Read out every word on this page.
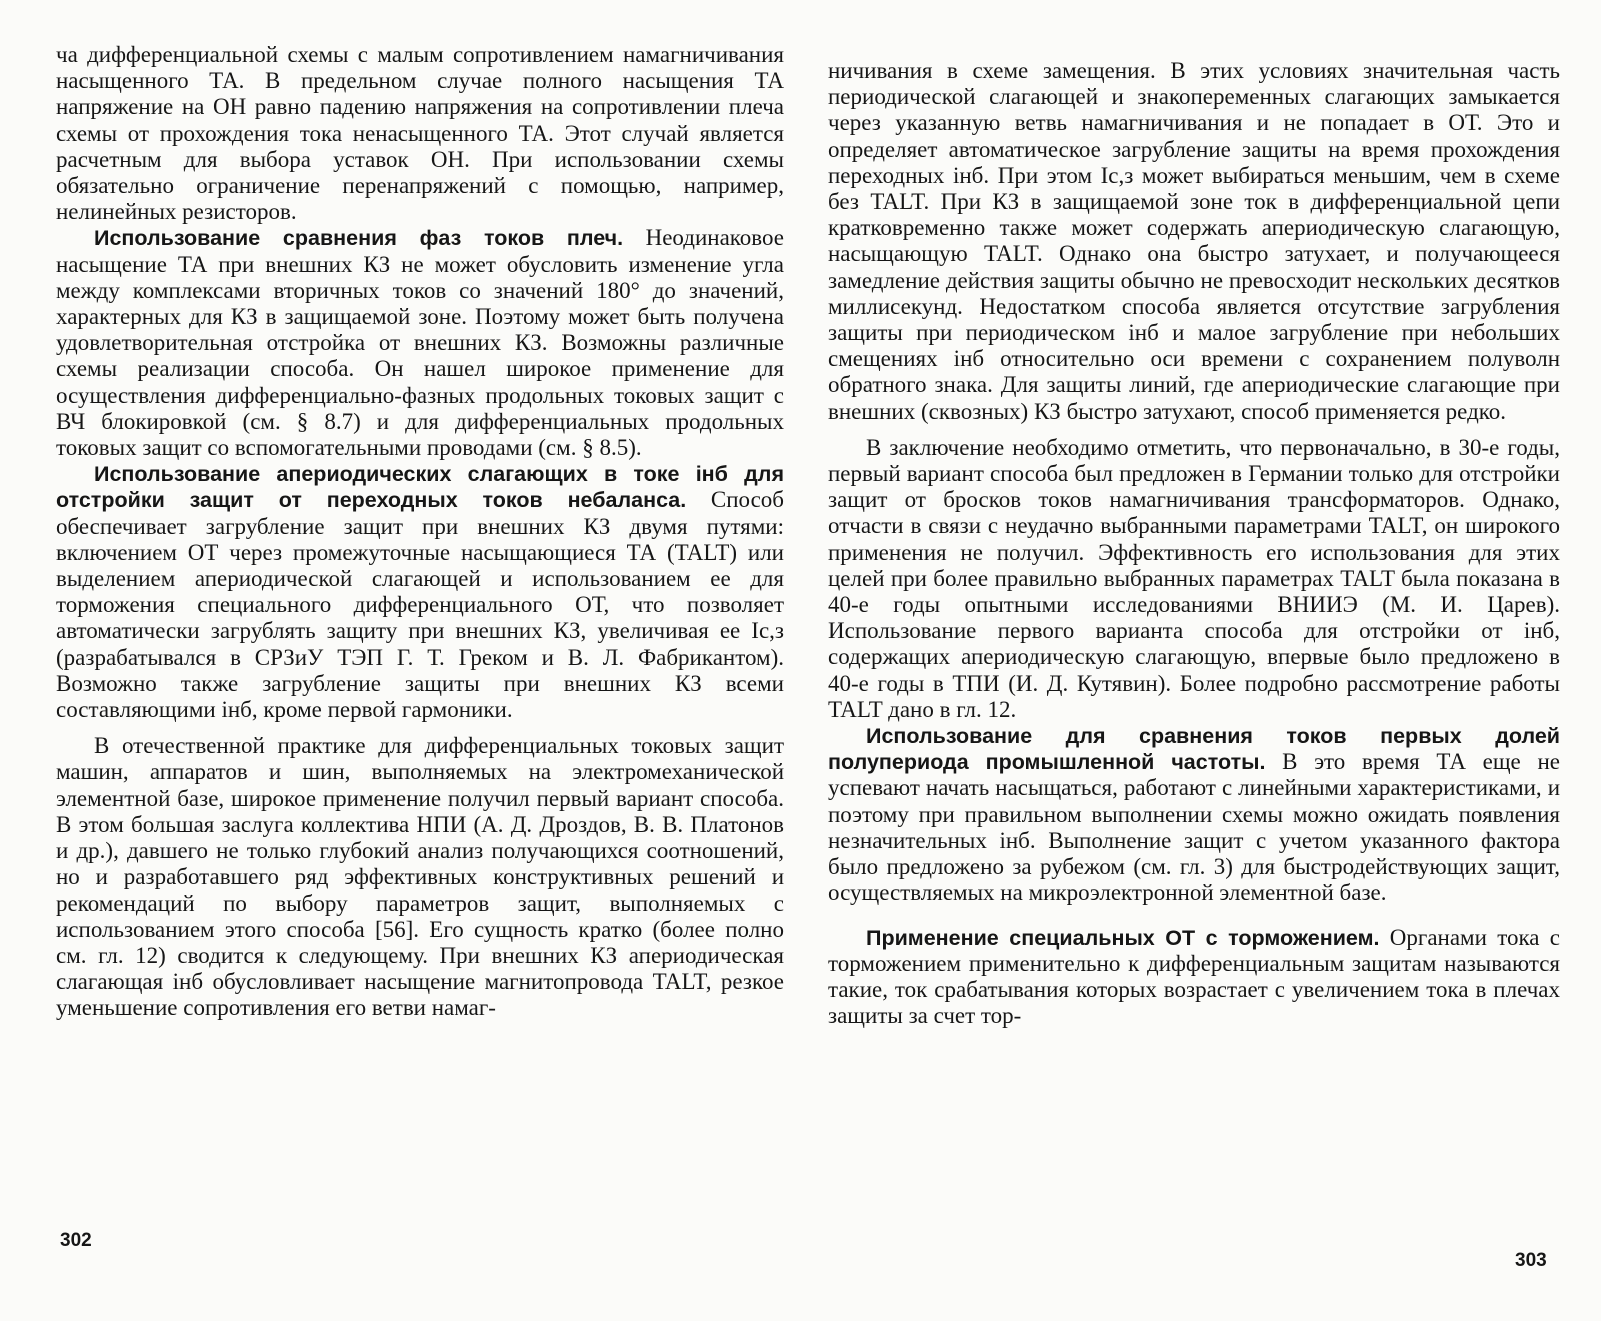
ча дифференциальной схемы с малым сопротивлением намагничивания насыщенного ТА. В предельном случае полного насыщения ТА напряжение на ОН равно падению напряжения на сопротивлении плеча схемы от прохождения тока ненасыщенного ТА. Этот случай является расчетным для выбора уставок ОН. При использовании схемы обязательно ограничение перенапряжений с помощью, например, нелинейных резисторов.

Использование сравнения фаз токов плеч. Неодинаковое насыщение ТА при внешних КЗ не может обусловить изменение угла между комплексами вторичных токов со значений 180° до значений, характерных для КЗ в защищаемой зоне. Поэтому может быть получена удовлетворительная отстройка от внешних КЗ. Возможны различные схемы реализации способа. Он нашел широкое применение для осуществления дифференциально-фазных продольных токовых защит с ВЧ блокировкой (см. § 8.7) и для дифференциальных продольных токовых защит со вспомогательными проводами (см. § 8.5).

Использование апериодических слагающих в токе iнб для отстройки защит от переходных токов небаланса. Способ обеспечивает загрубление защит при внешних КЗ двумя путями: включением ОТ через промежуточные насыщающиеся ТА (TALT) или выделением апериодической слагающей и использованием ее для торможения специального дифференциального ОТ, что позволяет автоматически загрублять защиту при внешних КЗ, увеличивая ее Ic,з (разрабатывался в СРЗиУ ТЭП Г. Т. Греком и В. Л. Фабрикантом). Возможно также загрубление защиты при внешних КЗ всеми составляющими iнб, кроме первой гармоники.

В отечественной практике для дифференциальных токовых защит машин, аппаратов и шин, выполняемых на электромеханической элементной базе, широкое применение получил первый вариант способа. В этом большая заслуга коллектива НПИ (А. Д. Дроздов, В. В. Платонов и др.), давшего не только глубокий анализ получающихся соотношений, но и разработавшего ряд эффективных конструктивных решений и рекомендаций по выбору параметров защит, выполняемых с использованием этого способа [56]. Его сущность кратко (более полно см. гл. 12) сводится к следующему. При внешних КЗ апериодическая слагающая iнб обусловливает насыщение магнитопровода TALT, резкое уменьшение сопротивления его ветви намаг-

302

ничивания в схеме замещения. В этих условиях значительная часть периодической слагающей и знакопеременных слагающих замыкается через указанную ветвь намагничивания и не попадает в ОТ. Это и определяет автоматическое загрубление защиты на время прохождения переходных iнб. При этом Ic,з может выбираться меньшим, чем в схеме без TALT. При КЗ в защищаемой зоне ток в дифференциальной цепи кратковременно также может содержать апериодическую слагающую, насыщающую TALT. Однако она быстро затухает, и получающееся замедление действия защиты обычно не превосходит нескольких десятков миллисекунд. Недостатком способа является отсутствие загрубления защиты при периодическом iнб и малое загрубление при небольших смещениях iнб относительно оси времени с сохранением полуволн обратного знака. Для защиты линий, где апериодические слагающие при внешних (сквозных) КЗ быстро затухают, способ применяется редко.

В заключение необходимо отметить, что первоначально, в 30-е годы, первый вариант способа был предложен в Германии только для отстройки защит от бросков токов намагничивания трансформаторов. Однако, отчасти в связи с неудачно выбранными параметрами TALT, он широкого применения не получил. Эффективность его использования для этих целей при более правильно выбранных параметрах TALT была показана в 40-е годы опытными исследованиями ВНИИЭ (М. И. Царев). Использование первого варианта способа для отстройки от iнб, содержащих апериодическую слагающую, впервые было предложено в 40-е годы в ТПИ (И. Д. Кутявин). Более подробно рассмотрение работы TALT дано в гл. 12.

Использование для сравнения токов первых долей полупериода промышленной частоты. В это время ТА еще не успевают начать насыщаться, работают с линейными характеристиками, и поэтому при правильном выполнении схемы можно ожидать появления незначительных iнб. Выполнение защит с учетом указанного фактора было предложено за рубежом (см. гл. 3) для быстродействующих защит, осуществляемых на микроэлектронной элементной базе.

Применение специальных ОТ с торможением. Органами тока с торможением применительно к дифференциальным защитам называются такие, ток срабатывания которых возрастает с увеличением тока в плечах защиты за счет тор-

303
